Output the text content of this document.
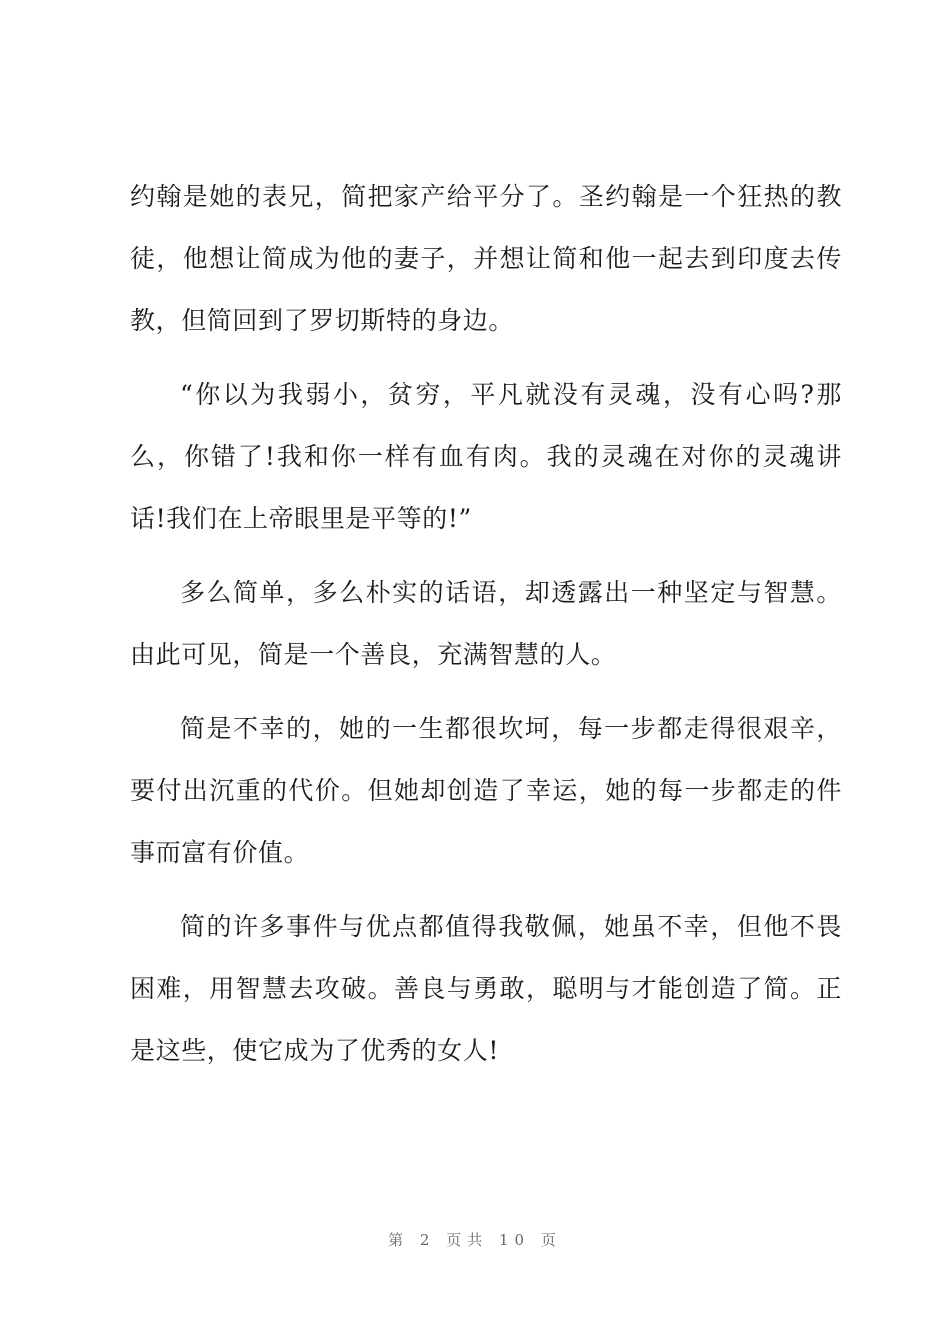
约翰是她的表兄，简把家产给平分了。圣约翰是一个狂热的教徒，他想让简成为他的妻子，并想让简和他一起去到印度去传教，但简回到了罗切斯特的身边。

“你以为我弱小，贫穷，平凡就没有灵魂，没有心吗?那么，你错了!我和你一样有血有肉。我的灵魂在对你的灵魂讲话!我们在上帝眼里是平等的!”

多么简单，多么朴实的话语，却透露出一种坚定与智慧。由此可见，简是一个善良，充满智慧的人。

简是不幸的，她的一生都很坎坷，每一步都走得很艰辛，要付出沉重的代价。但她却创造了幸运，她的每一步都走的件事而富有价值。

简的许多事件与优点都值得我敬佩，她虽不幸，但他不畏困难，用智慧去攻破。善良与勇敢，聪明与才能创造了简。正是这些，使它成为了优秀的女人!

第 2 页共 10 页
